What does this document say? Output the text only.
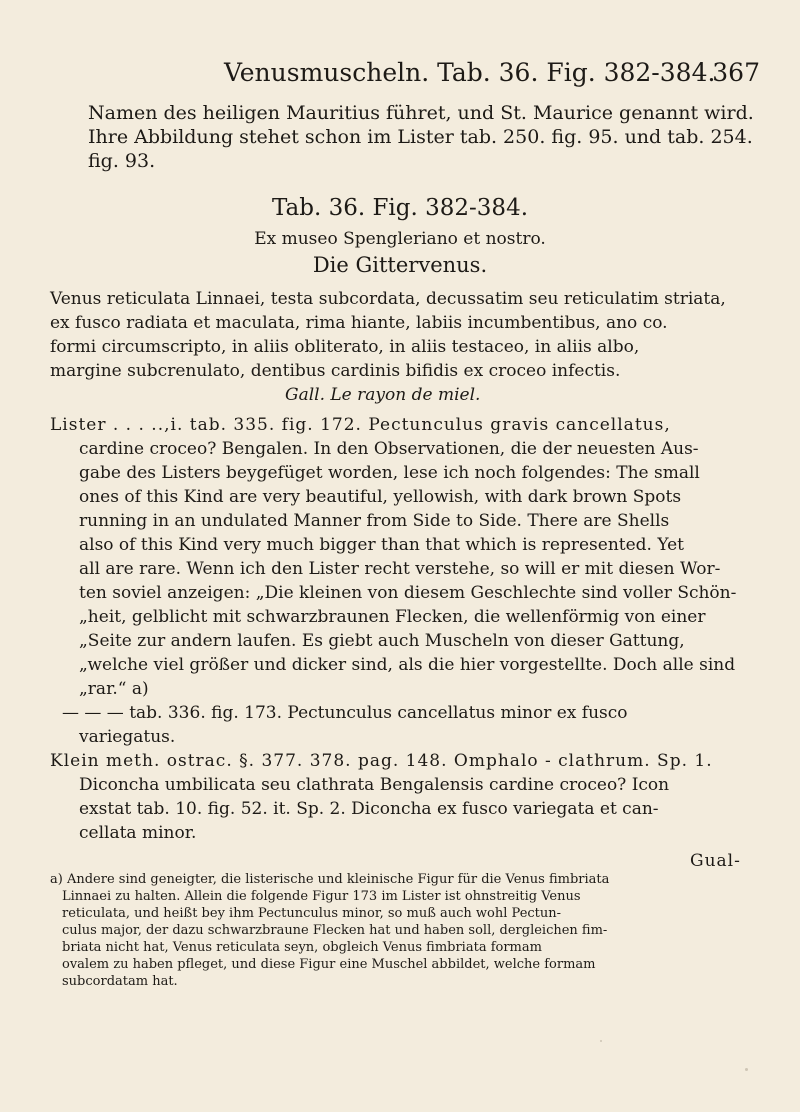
Venusmuscheln. Tab. 36. Fig. 382-384.
367
Namen des heiligen Mauritius führet, und St. Maurice genannt wird.
Ihre Abbildung stehet schon im Lister tab. 250. fig. 95. und tab. 254.
fig. 93.
Tab. 36. Fig. 382-384.
Ex museo Spengleriano et nostro.
Die Gittervenus.
Venus reticulata Linnaei, testa subcordata, decussatim seu reticulatim striata,
ex fusco radiata et maculata, rima hiante, labiis incumbentibus, ano co.
formi circumscripto, in aliis obliterato, in aliis testaceo, in aliis albo,
margine subcrenulato, dentibus cardinis bifidis ex croceo infectis.
Gall. Le rayon de miel.
Lister . . . ..,i. tab. 335. fig. 172. Pectunculus gravis cancellatus,
cardine croceo? Bengalen. In den Observationen, die der neuesten Aus-
gabe des Listers beygefüget worden, lese ich noch folgendes: The small
ones of this Kind are very beautiful, yellowish, with dark brown Spots
running in an undulated Manner from Side to Side. There are Shells
also of this Kind very much bigger than that which is represented. Yet
all are rare. Wenn ich den Lister recht verstehe, so will er mit diesen Wor-
ten soviel anzeigen: „Die kleinen von diesem Geschlechte sind voller Schön-
„heit, gelblicht mit schwarzbraunen Flecken, die wellenförmig von einer
„Seite zur andern laufen. Es giebt auch Muscheln von dieser Gattung,
„welche viel größer und dicker sind, als die hier vorgestellte. Doch alle sind
„rar.“ a)
— — — tab. 336. fig. 173. Pectunculus cancellatus minor ex fusco
variegatus.
Klein meth. ostrac. §. 377. 378. pag. 148. Omphalo - clathrum. Sp. 1.
Diconcha umbilicata seu clathrata Bengalensis cardine croceo? Icon
exstat tab. 10. fig. 52. it. Sp. 2. Diconcha ex fusco variegata et can-
cellata minor.
Gual-
a) Andere sind geneigter, die listerische und kleinische Figur für die Venus fimbriata
Linnaei zu halten. Allein die folgende Figur 173 im Lister ist ohnstreitig Venus
reticulata, und heißt bey ihm Pectunculus minor, so muß auch wohl Pectun-
culus major, der dazu schwarzbraune Flecken hat und haben soll, dergleichen fim-
briata nicht hat, Venus reticulata seyn, obgleich Venus fimbriata formam
ovalem zu haben pfleget, und diese Figur eine Muschel abbildet, welche formam
subcordatam hat.
